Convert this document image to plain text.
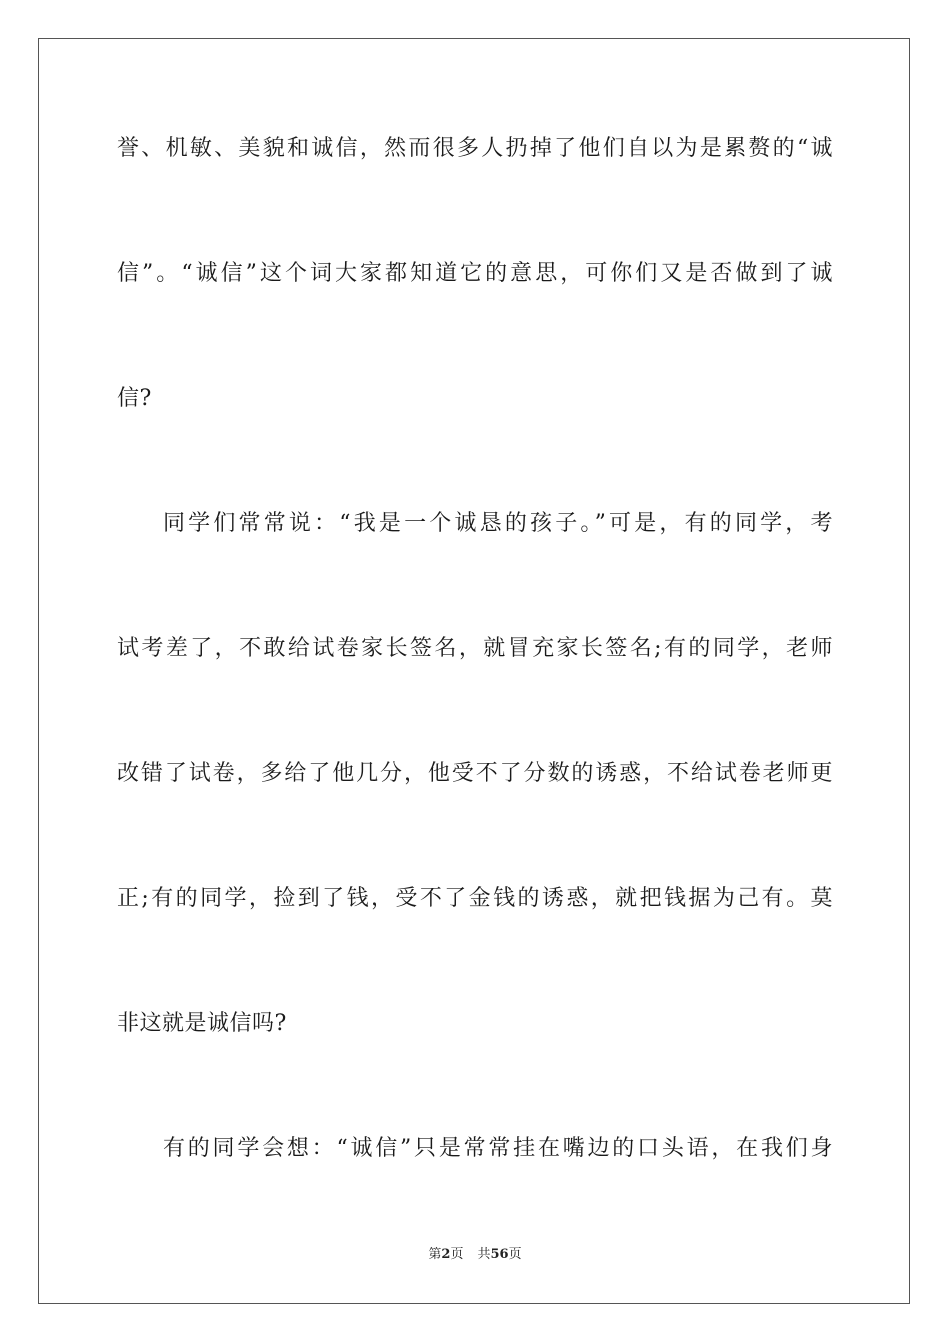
誉、机敏、美貌和诚信，然而很多人扔掉了他们自以为是累赘的“诚
信”。“诚信”这个词大家都知道它的意思，可你们又是否做到了诚
信?
同学们常常说：“我是一个诚恳的孩子。”可是，有的同学，考
试考差了，不敢给试卷家长签名，就冒充家长签名;有的同学，老师
改错了试卷，多给了他几分，他受不了分数的诱惑，不给试卷老师更
正;有的同学，捡到了钱，受不了金钱的诱惑，就把钱据为己有。莫
非这就是诚信吗?
有的同学会想：“诚信”只是常常挂在嘴边的口头语，在我们身
第2页 共56页
